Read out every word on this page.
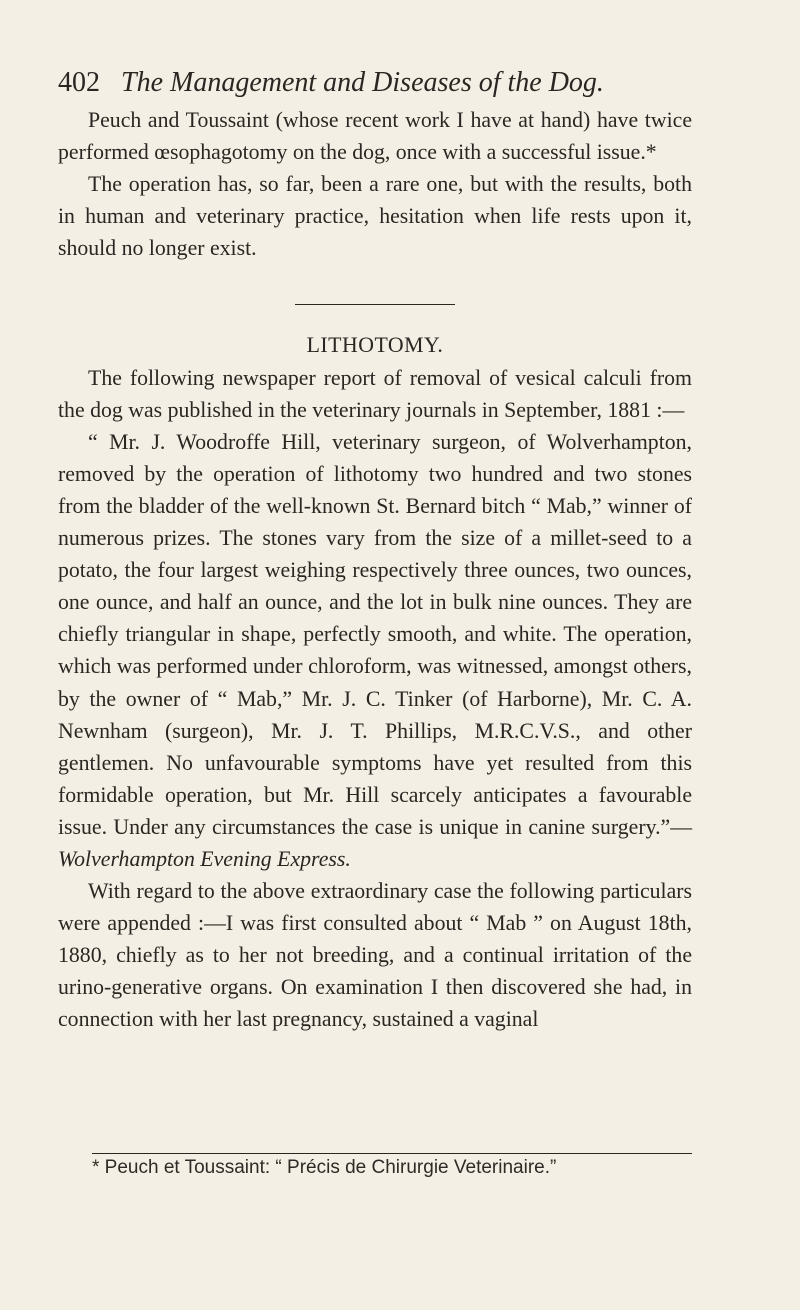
402 The Management and Diseases of the Dog.

Peuch and Toussaint (whose recent work I have at hand) have twice performed œsophagotomy on the dog, once with a successful issue.*

The operation has, so far, been a rare one, but with the results, both in human and veterinary practice, hesitation when life rests upon it, should no longer exist.

LITHOTOMY.

The following newspaper report of removal of vesical calculi from the dog was published in the veterinary journals in September, 1881 :—

“ Mr. J. Woodroffe Hill, veterinary surgeon, of Wolverhampton, removed by the operation of lithotomy two hundred and two stones from the bladder of the well-known St. Bernard bitch “ Mab,” winner of numerous prizes. The stones vary from the size of a millet-seed to a potato, the four largest weighing respectively three ounces, two ounces, one ounce, and half an ounce, and the lot in bulk nine ounces. They are chiefly triangular in shape, perfectly smooth, and white. The operation, which was performed under chloroform, was witnessed, amongst others, by the owner of “ Mab,” Mr. J. C. Tinker (of Harborne), Mr. C. A. Newnham (surgeon), Mr. J. T. Phillips, M.R.C.V.S., and other gentlemen. No unfavourable symptoms have yet resulted from this formidable operation, but Mr. Hill scarcely anticipates a favourable issue. Under any circumstances the case is unique in canine surgery.”—Wolverhampton Evening Express.

With regard to the above extraordinary case the following particulars were appended :—I was first consulted about “ Mab ” on August 18th, 1880, chiefly as to her not breeding, and a continual irritation of the urino-generative organs. On examination I then discovered she had, in connection with her last pregnancy, sustained a vaginal

* Peuch et Toussaint: “ Précis de Chirurgie Veterinaire.”
